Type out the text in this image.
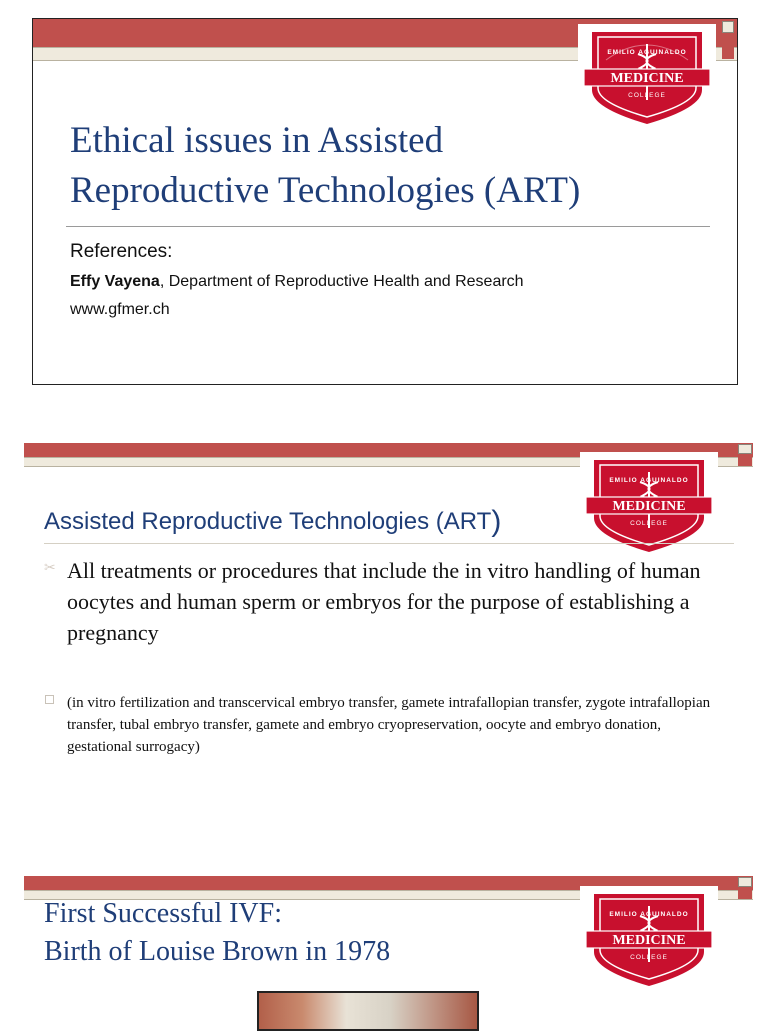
MEDICINE
EMILIO AGUINALDO
COLLEGE
Ethical issues in Assisted
Reproductive Technologies (ART)
References:
Effy Vayena, Department of Reproductive Health and Research
www.gfmer.ch
MEDICINE
EMILIO AGUINALDO
COLLEGE
Assisted Reproductive Technologies (ART)
✂ All treatments or procedures that include the in vitro handling of human oocytes and human sperm or embryos for the purpose of establishing a pregnancy
(in vitro fertilization and transcervical embryo transfer, gamete intrafallopian transfer, zygote intrafallopian transfer, tubal embryo transfer, gamete and embryo cryopreservation, oocyte and embryo donation, gestational surrogacy)
MEDICINE
EMILIO AGUINALDO
COLLEGE
First Successful IVF:
Birth of Louise Brown in 1978
